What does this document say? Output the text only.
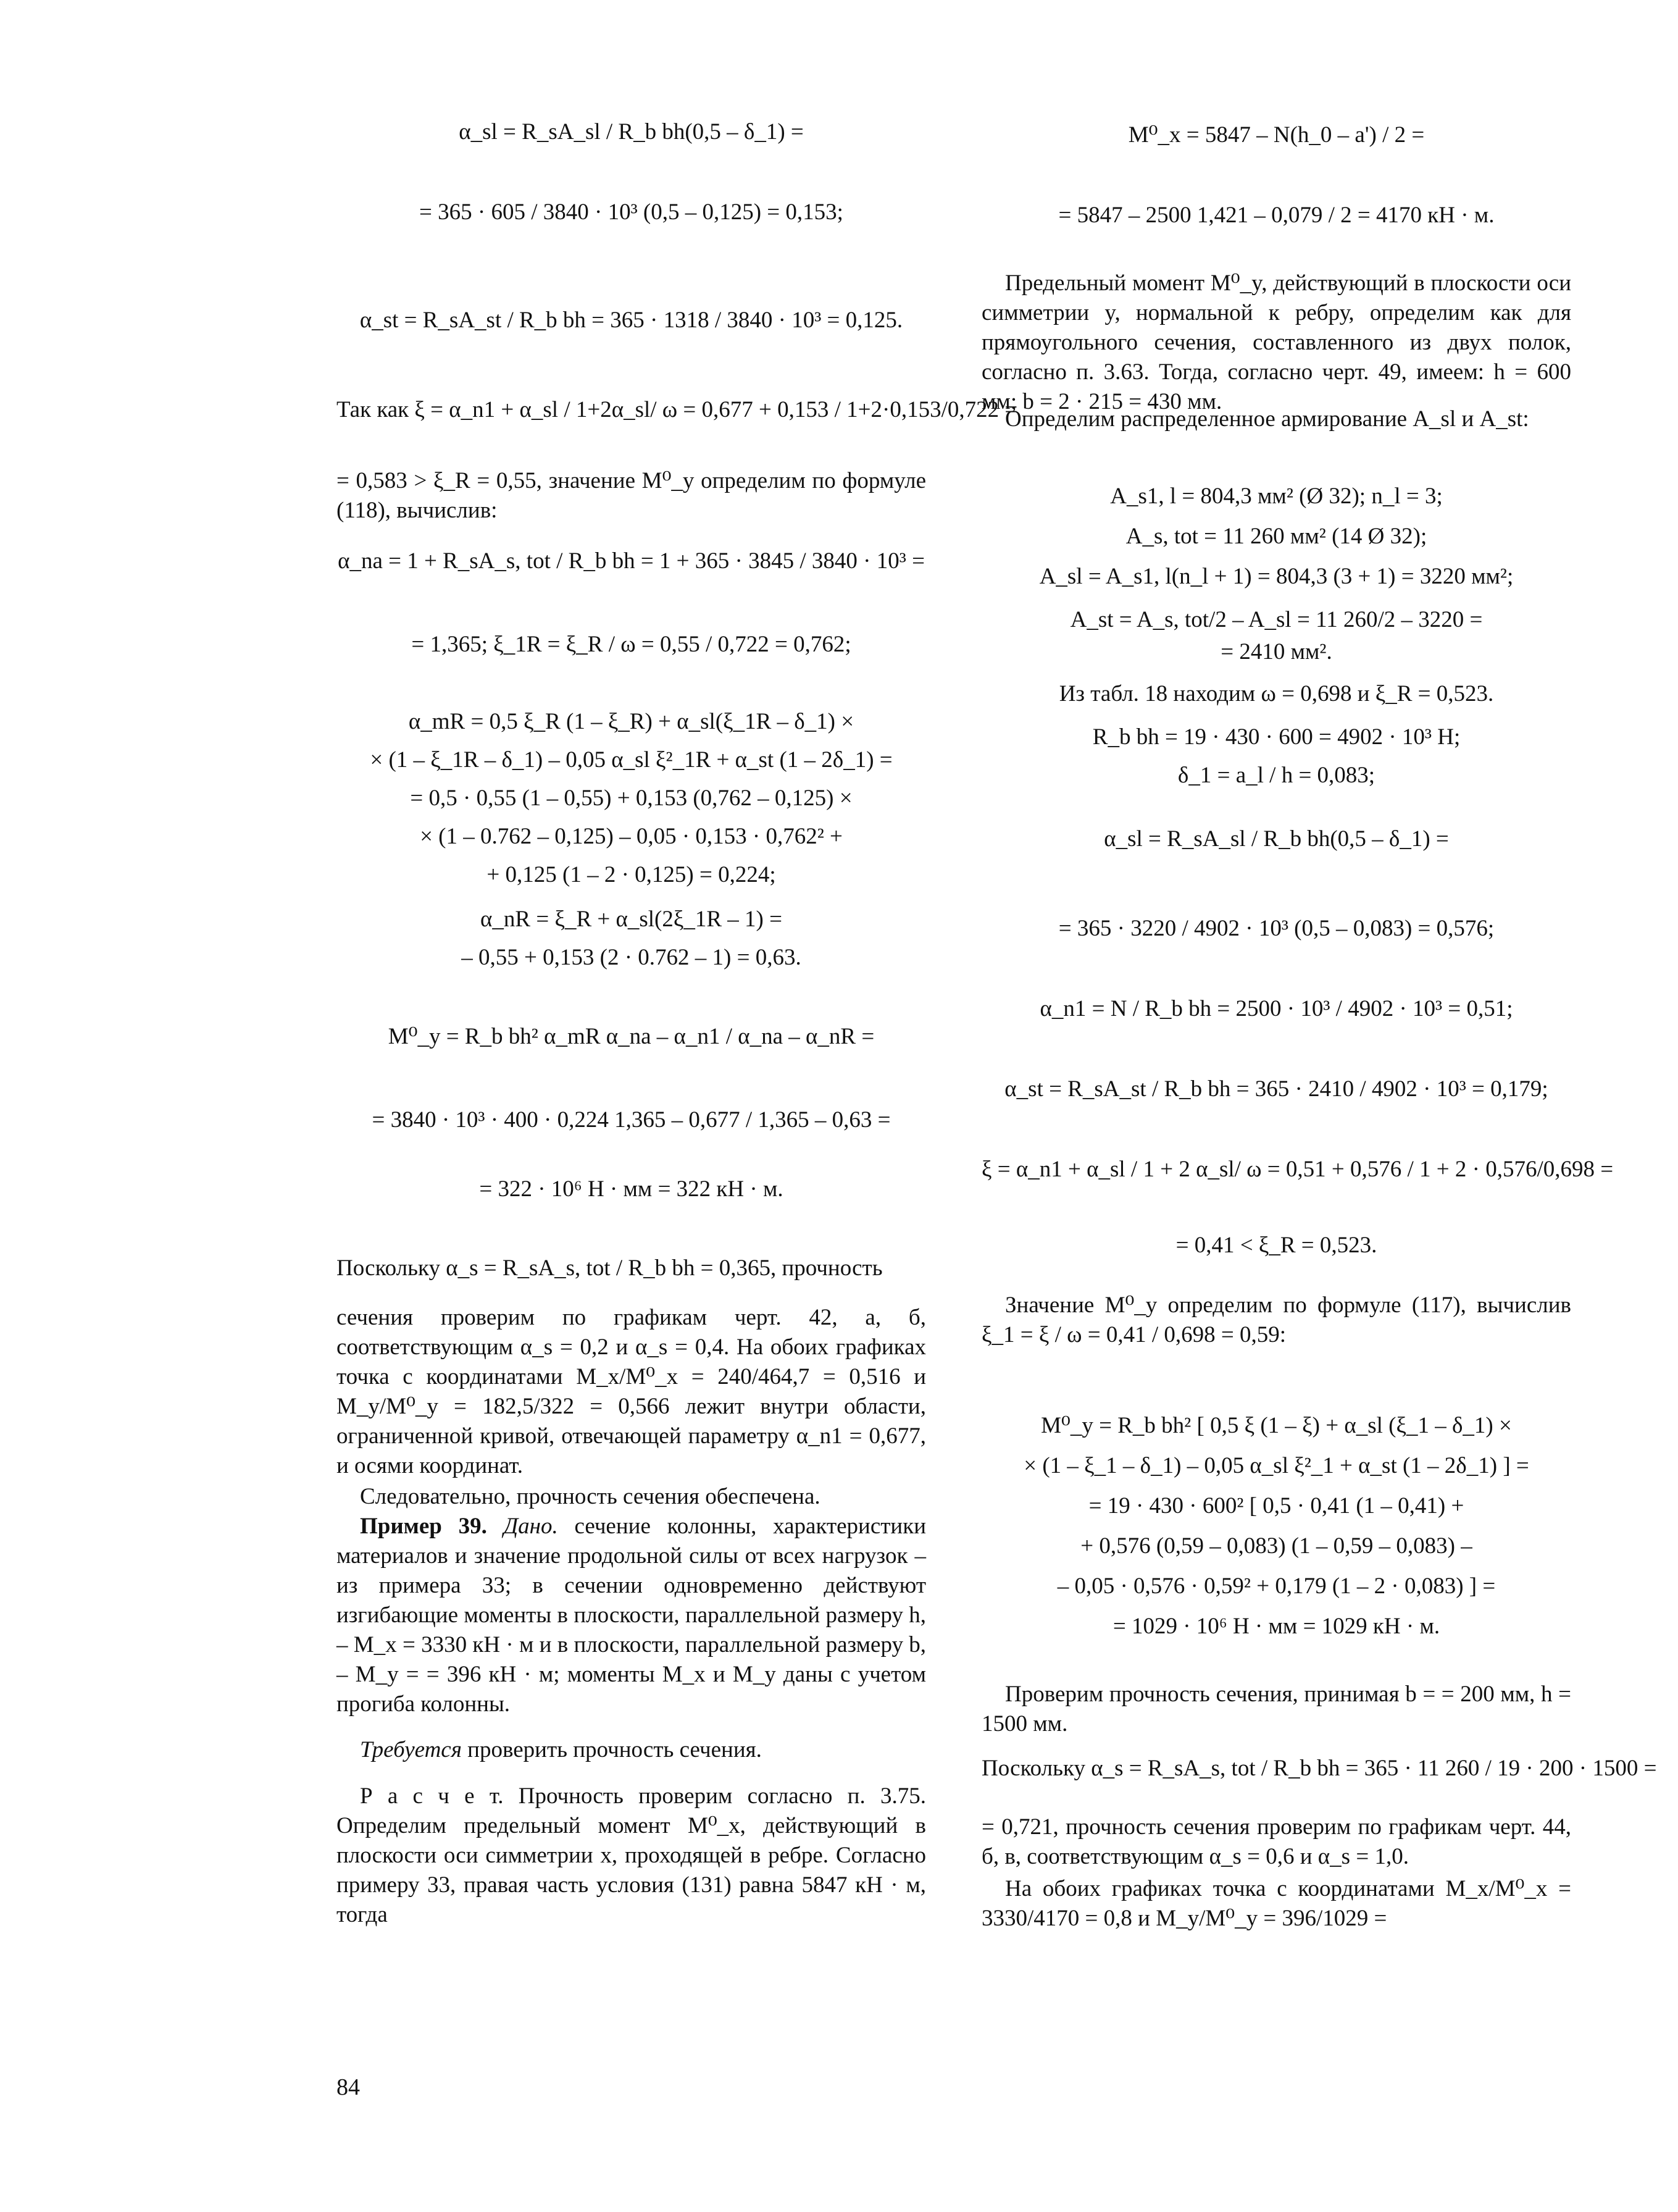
α_sl = R_sA_sl / R_b bh(0,5 – δ_1) =
= 365 · 605 / 3840 · 10³ (0,5 – 0,125) = 0,153;
α_st = R_sA_st / R_b bh = 365 · 1318 / 3840 · 10³ = 0,125.
Так как ξ = α_n1 + α_sl / 1+2α_sl/ ω = 0,677 + 0,153 / 1+2·0,153/0,722 =
= 0,583 > ξ_R = 0,55, значение M⁰_y определим по формуле (118), вычислив:
α_na = 1 + R_sA_s, tot / R_b bh = 1 + 365 · 3845 / 3840 · 10³ =
= 1,365; ξ_1R = ξ_R / ω = 0,55 / 0,722 = 0,762;
α_mR = 0,5 ξ_R (1 – ξ_R) + α_sl(ξ_1R – δ_1) ×
× (1 – ξ_1R – δ_1) – 0,05 α_sl ξ²_1R + α_st (1 – 2δ_1) =
= 0,5 · 0,55 (1 – 0,55) + 0,153 (0,762 – 0,125) ×
× (1 – 0.762 – 0,125) – 0,05 · 0,153 · 0,762² +
+ 0,125 (1 – 2 · 0,125) = 0,224;
α_nR = ξ_R + α_sl(2ξ_1R – 1) =
– 0,55 + 0,153 (2 · 0.762 – 1) = 0,63.
M⁰_y = R_b bh² α_mR α_na – α_n1 / α_na – α_nR =
= 3840 · 10³ · 400 · 0,224 1,365 – 0,677 / 1,365 – 0,63 =
= 322 · 10⁶ Н · мм = 322 кН · м.
Поскольку α_s = R_sA_s, tot / R_b bh = 0,365, прочность
сечения проверим по графикам черт. 42, а, б, соответствующим α_s = 0,2 и α_s = 0,4. На обоих графиках точка с координатами M_x/M⁰_x = 240/464,7 = 0,516 и M_y/M⁰_y = 182,5/322 = 0,566 лежит внутри области, ограниченной кривой, отвечающей параметру α_n1 = 0,677, и осями координат.
Следовательно, прочность сечения обеспечена.
Пример 39. Дано. сечение колонны, характеристики материалов и значение продольной силы от всех нагрузок – из примера 33; в сечении одновременно действуют изгибающие моменты в плоскости, параллельной размеру h, – M_x = 3330 кН · м и в плоскости, параллельной размеру b, – M_y = = 396 кН · м; моменты M_x и M_y даны с учетом прогиба колонны.
Требуется проверить прочность сечения.
Р а с ч е т. Прочность проверим согласно п. 3.75. Определим предельный момент M⁰_x, действующий в плоскости оси симметрии x, проходящей в ребре. Согласно примеру 33, правая часть условия (131) равна 5847 кН · м, тогда
M⁰_x = 5847 – N(h_0 – a') / 2 =
= 5847 – 2500 1,421 – 0,079 / 2 = 4170 кН · м.
Предельный момент M⁰_y, действующий в плоскости оси симметрии y, нормальной к ребру, определим как для прямоугольного сечения, составленного из двух полок, согласно п. 3.63. Тогда, согласно черт. 49, имеем: h = 600 мм; b = 2 · 215 = 430 мм.
Определим распределенное армирование A_sl и A_st:
A_s1, l = 804,3 мм² (Ø 32); n_l = 3;
A_s, tot = 11 260 мм² (14 Ø 32);
A_sl = A_s1, l(n_l + 1) = 804,3 (3 + 1) = 3220 мм²;
A_st = A_s, tot/2 – A_sl = 11 260/2 – 3220 =
= 2410 мм².
Из табл. 18 находим ω = 0,698 и ξ_R = 0,523.
R_b bh = 19 · 430 · 600 = 4902 · 10³ Н;
δ_1 = a_l / h = 0,083;
α_sl = R_sA_sl / R_b bh(0,5 – δ_1) =
= 365 · 3220 / 4902 · 10³ (0,5 – 0,083) = 0,576;
α_n1 = N / R_b bh = 2500 · 10³ / 4902 · 10³ = 0,51;
α_st = R_sA_st / R_b bh = 365 · 2410 / 4902 · 10³ = 0,179;
ξ = α_n1 + α_sl / 1 + 2 α_sl/ ω = 0,51 + 0,576 / 1 + 2 · 0,576/0,698 =
= 0,41 < ξ_R = 0,523.
Значение M⁰_y определим по формуле (117), вычислив ξ_1 = ξ / ω = 0,41 / 0,698 = 0,59:
M⁰_y = R_b bh² [ 0,5 ξ (1 – ξ) + α_sl (ξ_1 – δ_1) ×
× (1 – ξ_1 – δ_1) – 0,05 α_sl ξ²_1 + α_st (1 – 2δ_1) ] =
= 19 · 430 · 600² [ 0,5 · 0,41 (1 – 0,41) +
+ 0,576 (0,59 – 0,083) (1 – 0,59 – 0,083) –
– 0,05 · 0,576 · 0,59² + 0,179 (1 – 2 · 0,083) ] =
= 1029 · 10⁶ Н · мм = 1029 кН · м.
Проверим прочность сечения, принимая b = = 200 мм, h = 1500 мм.
Поскольку α_s = R_sA_s, tot / R_b bh = 365 · 11 260 / 19 · 200 · 1500 =
= 0,721, прочность сечения проверим по графикам черт. 44, б, в, соответствующим α_s = 0,6 и α_s = 1,0.
На обоих графиках точка с координатами M_x/M⁰_x = 3330/4170 = 0,8 и M_y/M⁰_y = 396/1029 =
84
